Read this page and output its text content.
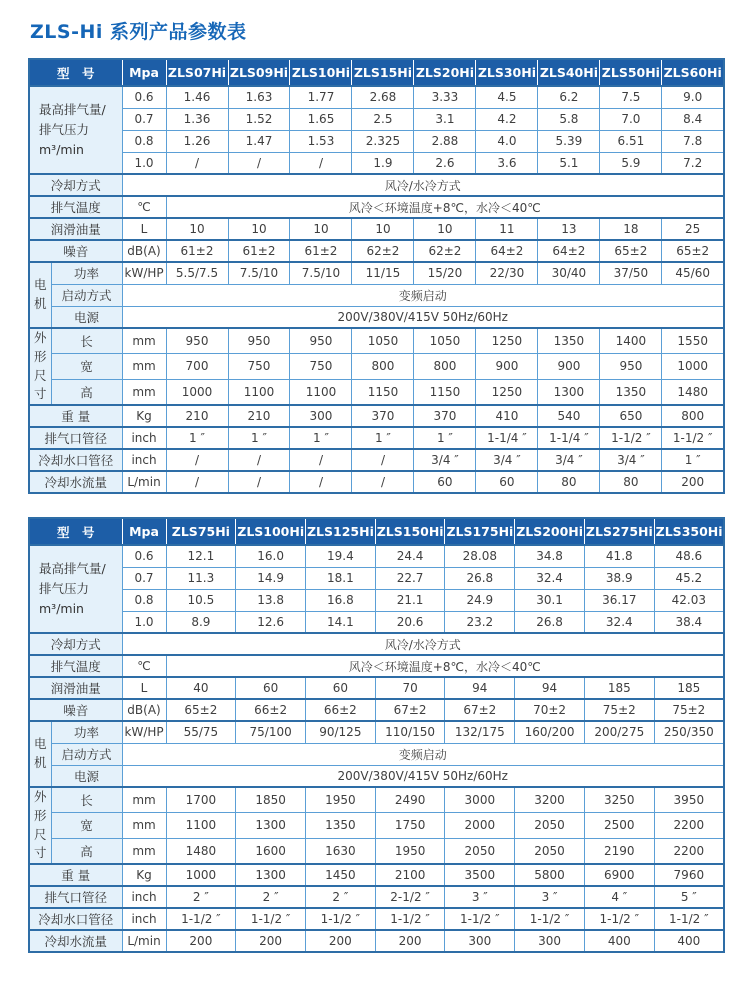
ZLS-Hi 系列产品参数表
型　号		Mpa	ZLS07Hi	ZLS09Hi	ZLS10Hi	ZLS15Hi	ZLS20Hi	ZLS30Hi	ZLS40Hi	ZLS50Hi	ZLS60Hi

最高排气量/
排气压力
m³/min		0.6	1.46	1.63	1.77	2.68	3.33	4.5	6.2	7.5	9.0
		0.7	1.36	1.52	1.65	2.5	3.1	4.2	5.8	7.0	8.4
		0.8	1.26	1.47	1.53	2.325	2.88	4.0	5.39	6.51	7.8
		1.0	/	/	/	1.9	2.6	3.6	5.1	5.9	7.2
冷却方式		风冷/水冷方式									
排气温度		℃	风冷＜环境温度+8℃，水冷＜40℃								
润滑油量		L	10	10	10	10	10	11	13	18	25
噪音		dB(A)	61±2	61±2	61±2	62±2	62±2	64±2	64±2	65±2	65±2

电
机	功率	kW/HP	5.5/7.5	7.5/10	7.5/10	11/15	15/20	22/30	30/40	37/50	45/60
	启动方式	变频启动									
	电源	200V/380V/415V 50Hz/60Hz									

外
形
尺
寸	长	mm	950	950	950	1050	1050	1250	1350	1400	1550
	宽	mm	700	750	750	800	800	900	900	950	1000
	高	mm	1000	1100	1100	1150	1150	1250	1300	1350	1480
重 量		Kg	210	210	300	370	370	410	540	650	800
排气口管径		inch	1 ″	1 ″	1 ″	1 ″	1 ″	1-1/4 ″	1-1/4 ″	1-1/2 ″	1-1/2 ″
冷却水口管径		inch	/	/	/	/	3/4 ″	3/4 ″	3/4 ″	3/4 ″	1 ″
冷却水流量		L/min	/	/	/	/	60	60	80	80	200
型　号		Mpa	ZLS75Hi	ZLS100Hi	ZLS125Hi	ZLS150Hi	ZLS175Hi	ZLS200Hi	ZLS275Hi	ZLS350Hi

最高排气量/
排气压力
m³/min		0.6	12.1	16.0	19.4	24.4	28.08	34.8	41.8	48.6
		0.7	11.3	14.9	18.1	22.7	26.8	32.4	38.9	45.2
		0.8	10.5	13.8	16.8	21.1	24.9	30.1	36.17	42.03
		1.0	8.9	12.6	14.1	20.6	23.2	26.8	32.4	38.4
冷却方式		风冷/水冷方式								
排气温度		℃	风冷＜环境温度+8℃，水冷＜40℃							
润滑油量		L	40	60	60	70	94	94	185	185
噪音		dB(A)	65±2	66±2	66±2	67±2	67±2	70±2	75±2	75±2

电
机	功率	kW/HP	55/75	75/100	90/125	110/150	132/175	160/200	200/275	250/350
	启动方式	变频启动								
	电源	200V/380V/415V 50Hz/60Hz								

外
形
尺
寸	长	mm	1700	1850	1950	2490	3000	3200	3250	3950
	宽	mm	1100	1300	1350	1750	2000	2050	2500	2200
	高	mm	1480	1600	1630	1950	2050	2050	2190	2200
重 量		Kg	1000	1300	1450	2100	3500	5800	6900	7960
排气口管径		inch	2 ″	2 ″	2 ″	2-1/2 ″	3 ″	3 ″	4 ″	5 ″
冷却水口管径		inch	1-1/2 ″	1-1/2 ″	1-1/2 ″	1-1/2 ″	1-1/2 ″	1-1/2 ″	1-1/2 ″	1-1/2 ″
冷却水流量		L/min	200	200	200	200	300	300	400	400
